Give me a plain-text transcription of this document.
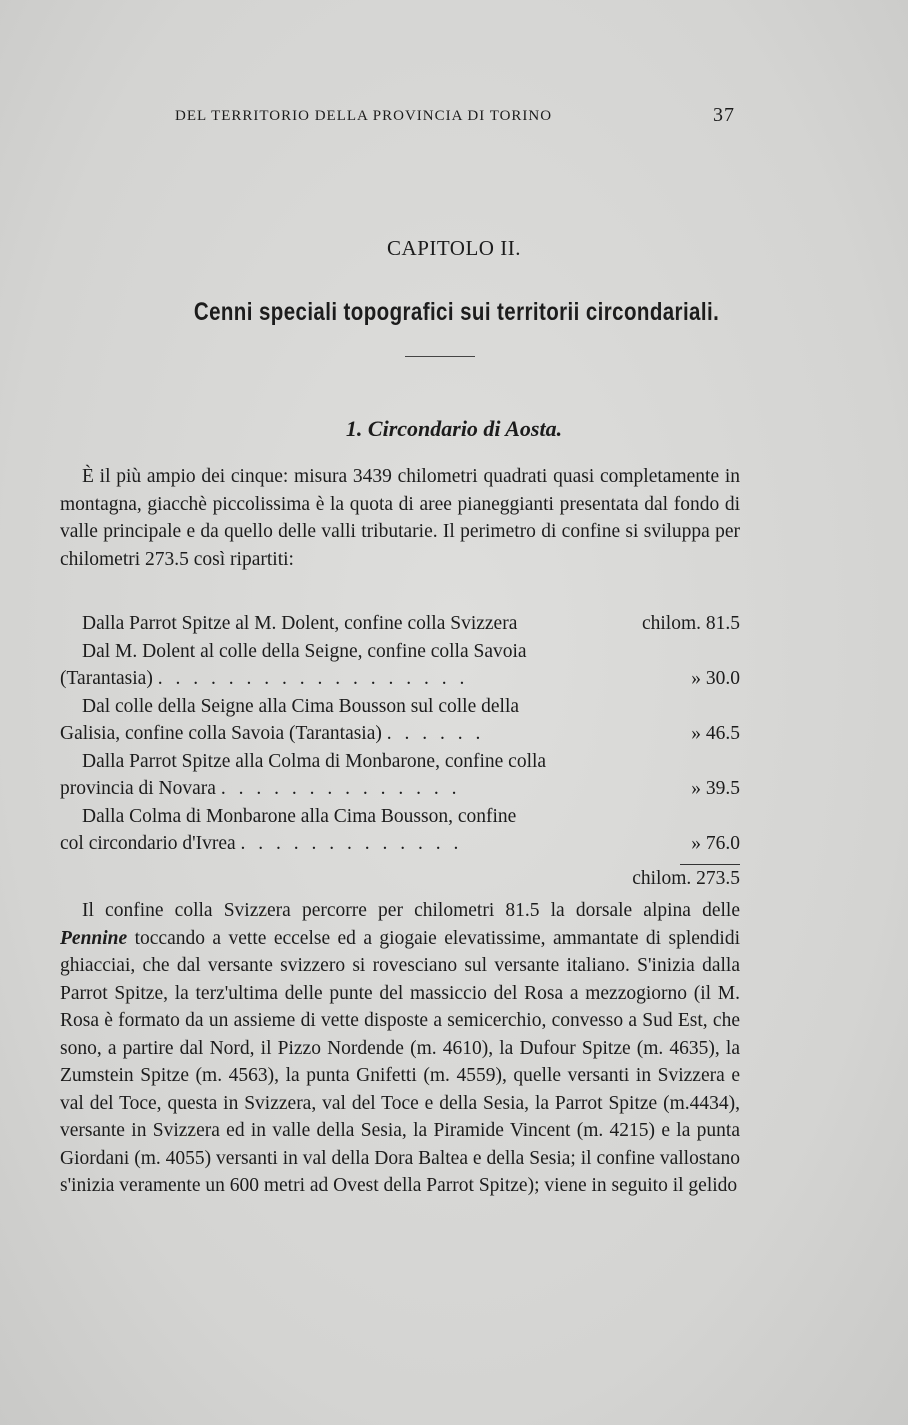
DEL TERRITORIO DELLA PROVINCIA DI TORINO	37
CAPITOLO II.
Cenni speciali topografici sui territorii circondariali.
1. Circondario di Aosta.

È il più ampio dei cinque: misura 3439 chilometri quadrati quasi completamente in montagna, giacchè piccolissima è la quota di aree pianeggianti presentata dal fondo di valle principale e da quello delle valli tributarie. Il perimetro di confine si sviluppa per chilometri 273.5 così ripartiti:

Dalla Parrot Spitze al M. Dolent, confine colla Svizzera	chilom. 81.5
Dal M. Dolent al colle della Seigne, confine colla Savoia
(Tarantasia) . . . . . . . . . . . . . . . . . .	» 30.0
Dal colle della Seigne alla Cima Bousson sul colle della
Galisia, confine colla Savoia (Tarantasia) . . . . . .	» 46.5
Dalla Parrot Spitze alla Colma di Monbarone, confine colla
provincia di Novara . . . . . . . . . . . . . .	» 39.5
Dalla Colma di Monbarone alla Cima Bousson, confine
col circondario d'Ivrea . . . . . . . . . . . . .	» 76.0
chilom. 273.5

Il confine colla Svizzera percorre per chilometri 81.5 la dorsale alpina delle Pennine toccando a vette eccelse ed a giogaie elevatissime, ammantate di splendidi ghiacciai, che dal versante svizzero si rovesciano sul versante italiano. S'inizia dalla Parrot Spitze, la terz'ultima delle punte del massiccio del Rosa a mezzogiorno (il M. Rosa è formato da un assieme di vette disposte a semicerchio, convesso a Sud Est, che sono, a partire dal Nord, il Pizzo Nordende (m. 4610), la Dufour Spitze (m. 4635), la Zumstein Spitze (m. 4563), la punta Gnifetti (m. 4559), quelle versanti in Svizzera e val del Toce, questa in Svizzera, val del Toce e della Sesia, la Parrot Spitze (m.4434), versante in Svizzera ed in valle della Sesia, la Piramide Vincent (m. 4215) e la punta Giordani (m. 4055) versanti in val della Dora Baltea e della Sesia; il confine vallostano s'inizia veramente un 600 metri ad Ovest della Parrot Spitze); viene in seguito il gelido
